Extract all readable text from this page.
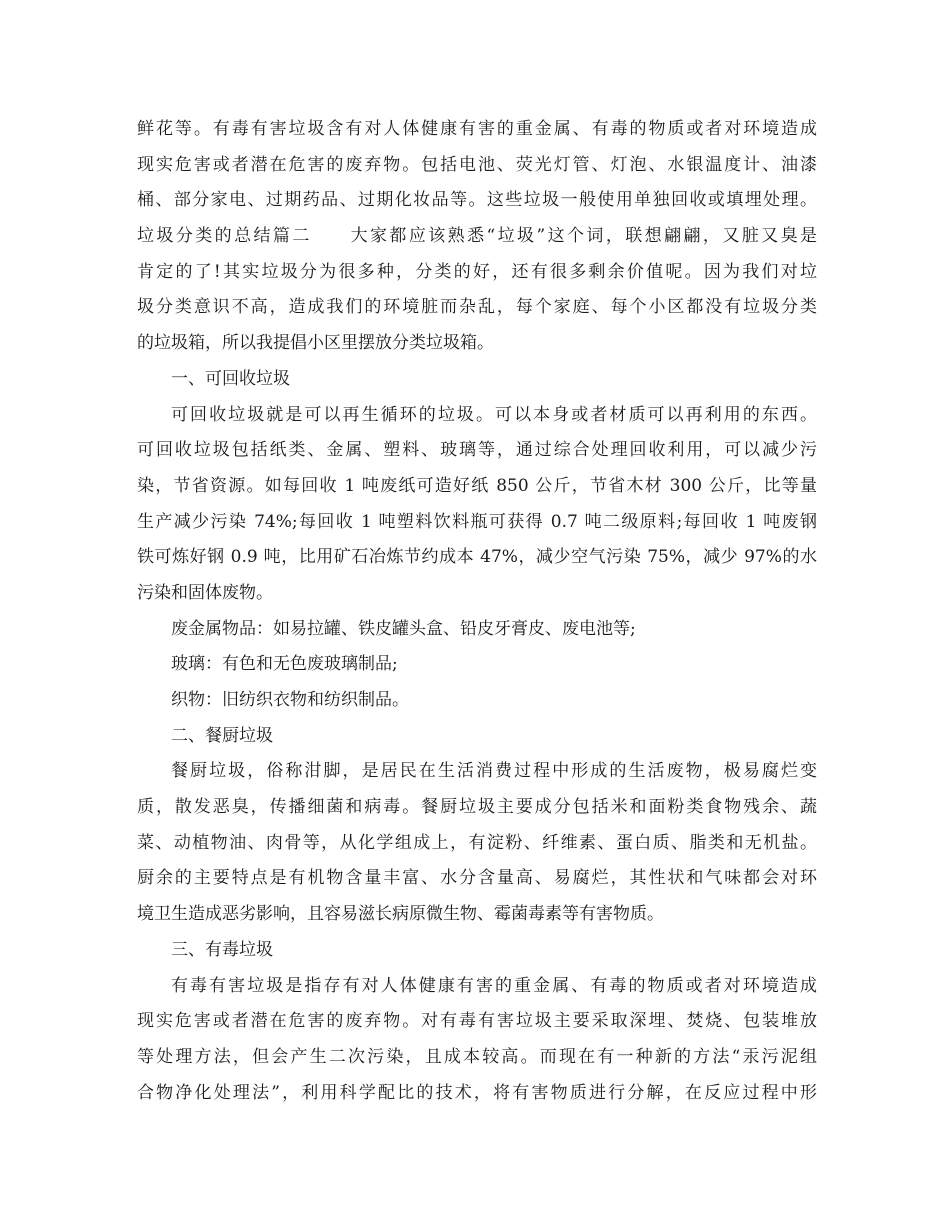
鲜花等。有毒有害垃圾含有对人体健康有害的重金属、有毒的物质或者对环境造成
现实危害或者潜在危害的废弃物。包括电池、荧光灯管、灯泡、水银温度计、油漆
桶、部分家电、过期药品、过期化妆品等。这些垃圾一般使用单独回收或填埋处理。
垃圾分类的总结篇二　　大家都应该熟悉“垃圾”这个词，联想翩翩，又脏又臭是
肯定的了!其实垃圾分为很多种，分类的好，还有很多剩余价值呢。因为我们对垃
圾分类意识不高，造成我们的环境脏而杂乱，每个家庭、每个小区都没有垃圾分类
的垃圾箱，所以我提倡小区里摆放分类垃圾箱。
一、可回收垃圾
可回收垃圾就是可以再生循环的垃圾。可以本身或者材质可以再利用的东西。
可回收垃圾包括纸类、金属、塑料、玻璃等，通过综合处理回收利用，可以减少污
染，节省资源。如每回收 1 吨废纸可造好纸 850 公斤，节省木材 300 公斤，比等量
生产减少污染 74%;每回收 1 吨塑料饮料瓶可获得 0.7 吨二级原料;每回收 1 吨废钢
铁可炼好钢 0.9 吨，比用矿石冶炼节约成本 47%，减少空气污染 75%，减少 97%的水
污染和固体废物。
废金属物品：如易拉罐、铁皮罐头盒、铅皮牙膏皮、废电池等;
玻璃：有色和无色废玻璃制品;
织物：旧纺织衣物和纺织制品。
二、餐厨垃圾
餐厨垃圾，俗称泔脚，是居民在生活消费过程中形成的生活废物，极易腐烂变
质，散发恶臭，传播细菌和病毒。餐厨垃圾主要成分包括米和面粉类食物残余、蔬
菜、动植物油、肉骨等，从化学组成上，有淀粉、纤维素、蛋白质、脂类和无机盐。
厨余的主要特点是有机物含量丰富、水分含量高、易腐烂，其性状和气味都会对环
境卫生造成恶劣影响，且容易滋长病原微生物、霉菌毒素等有害物质。
三、有毒垃圾
有毒有害垃圾是指存有对人体健康有害的重金属、有毒的物质或者对环境造成
现实危害或者潜在危害的废弃物。对有毒有害垃圾主要采取深埋、焚烧、包装堆放
等处理方法，但会产生二次污染，且成本较高。而现在有一种新的方法“汞污泥组
合物净化处理法”，利用科学配比的技术，将有害物质进行分解，在反应过程中形
